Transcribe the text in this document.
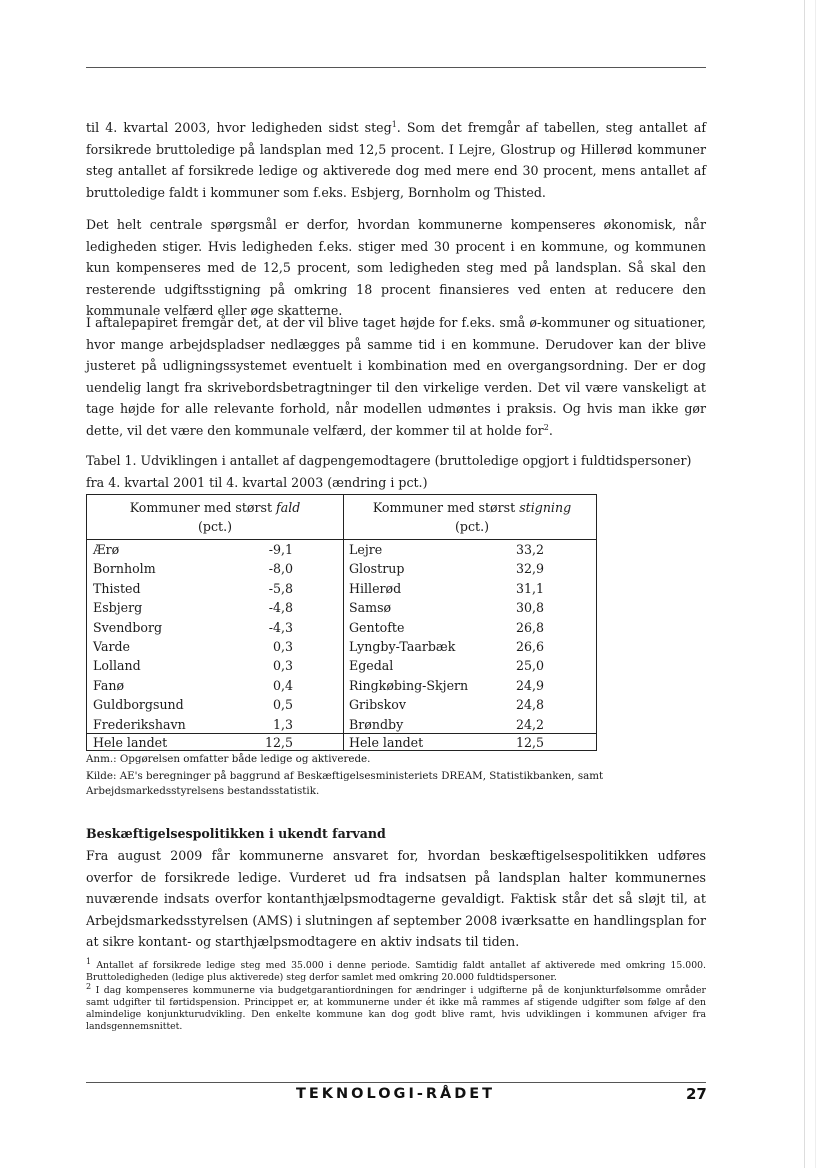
til 4. kvartal 2003, hvor ledigheden sidst steg$^1$. Som det fremgår af tabellen, steg antallet af forsikrede bruttoledige på landsplan med 12,5 procent. I Lejre, Glostrup og Hillerød kommuner steg antallet af forsikrede ledige og aktiverede dog med mere end 30 procent, mens antallet af bruttoledige faldt i kommuner som f.eks. Esbjerg, Bornholm og Thisted.

Det helt centrale spørgsmål er derfor, hvordan kommunerne kompenseres økonomisk, når ledigheden stiger. Hvis ledigheden f.eks. stiger med 30 procent i en kommune, og kommunen kun kompenseres med de 12,5 procent, som ledigheden steg med på landsplan. Så skal den resterende udgiftsstigning på omkring 18 procent finansieres ved enten at reducere den kommunale velfærd eller øge skatterne.

I aftalepapiret fremgår det, at der vil blive taget højde for f.eks. små ø-kommuner og situationer, hvor mange arbejdspladser nedlægges på samme tid i en kommune. Derudover kan der blive justeret på udligningssystemet eventuelt i kombination med en overgangsordning. Der er dog uendelig langt fra skrivebordsbetragtninger til den virkelige verden. Det vil være vanskeligt at tage højde for alle relevante forhold, når modellen udmøntes i praksis. Og hvis man ikke gør dette, vil det være den kommunale velfærd, der kommer til at holde for$^2$.

Tabel 1. Udviklingen i antallet af dagpengemodtagere (bruttoledige opgjort i fuldtidspersoner) fra 4. kvartal 2001 til 4. kvartal 2003 (ændring i pct.)
Kommuner med størst fald
(pct.)
Kommuner med størst stigning
(pct.)
Ærø	-9,1	Lejre	33,2
Bornholm	-8,0	Glostrup	32,9
Thisted	-5,8	Hillerød	31,1
Esbjerg	-4,8	Samsø	30,8
Svendborg	-4,3	Gentofte	26,8
Varde	0,3	Lyngby-Taarbæk	26,6
Lolland	0,3	Egedal	25,0
Fanø	0,4	Ringkøbing-Skjern	24,9
Guldborgsund	0,5	Gribskov	24,8
Frederikshavn	1,3	Brøndby	24,2
Hele landet	12,5	Hele landet	12,5
Anm.: Opgørelsen omfatter både ledige og aktiverede.
Kilde: AE's beregninger på baggrund af Beskæftigelsesministeriets DREAM, Statistikbanken, samt Arbejdsmarkedsstyrelsens bestandsstatistik.
Beskæftigelsespolitikken i ukendt farvand

Fra august 2009 får kommunerne ansvaret for, hvordan beskæftigelsespolitikken udføres overfor de forsikrede ledige. Vurderet ud fra indsatsen på landsplan halter kommunernes nuværende indsats overfor kontanthjælpsmodtagerne gevaldigt. Faktisk står det så sløjt til, at Arbejdsmarkedsstyrelsen (AMS) i slutningen af september 2008 iværksatte en handlingsplan for at sikre kontant- og starthjælpsmodtagere en aktiv indsats til tiden.

$^1$ Antallet af forsikrede ledige steg med 35.000 i denne periode. Samtidig faldt antallet af aktiverede med omkring 15.000. Bruttoledigheden (ledige plus aktiverede) steg derfor samlet med omkring 20.000 fuldtidspersoner.
$^2$ I dag kompenseres kommunerne via budgetgarantiordningen for ændringer i udgifterne på de konjunkturfølsomme områder samt udgifter til førtidspension. Princippet er, at kommunerne under ét ikke må rammes af stigende udgifter som følge af den almindelige konjunkturudvikling. Den enkelte kommune kan dog godt blive ramt, hvis udviklingen i kommunen afviger fra landsgennemsnittet.
TEKNOLOGI-RÅDET	27
